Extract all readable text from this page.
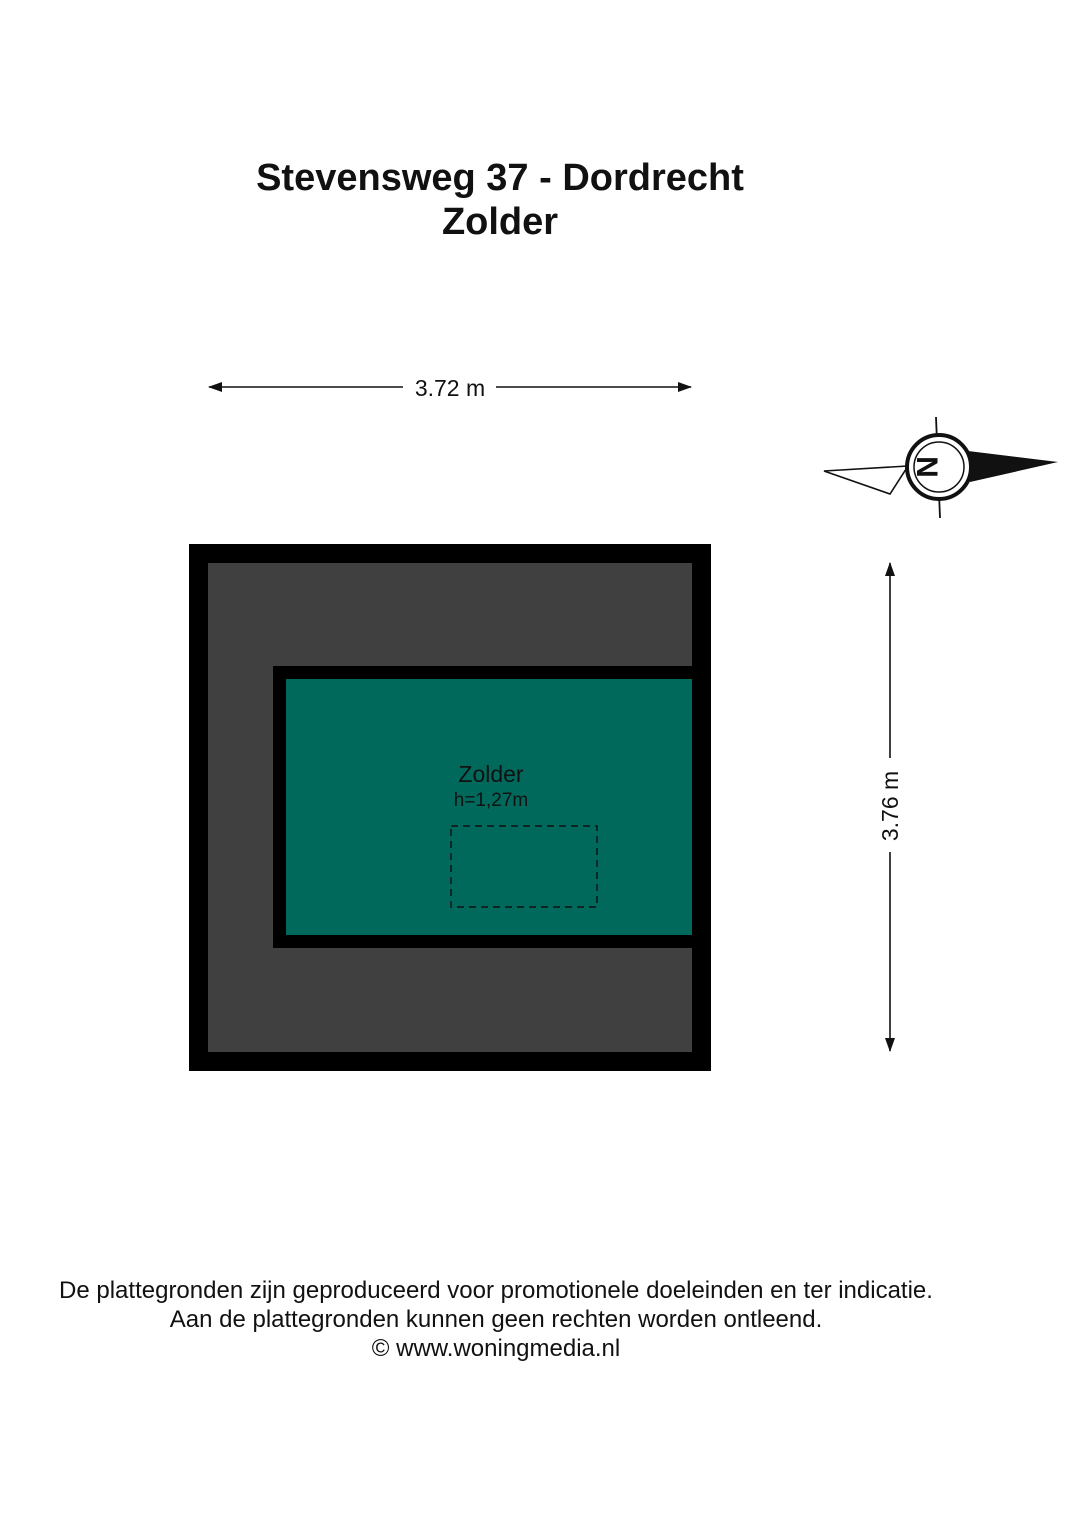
Stevensweg 37 - Dordrecht
Zolder
3.72 m
3.76 m
N
Zolder
h=1,27m

De plattegronden zijn geproduceerd voor promotionele doeleinden en ter indicatie.

Aan de plattegronden kunnen geen rechten worden ontleend.

© www.woningmedia.nl
